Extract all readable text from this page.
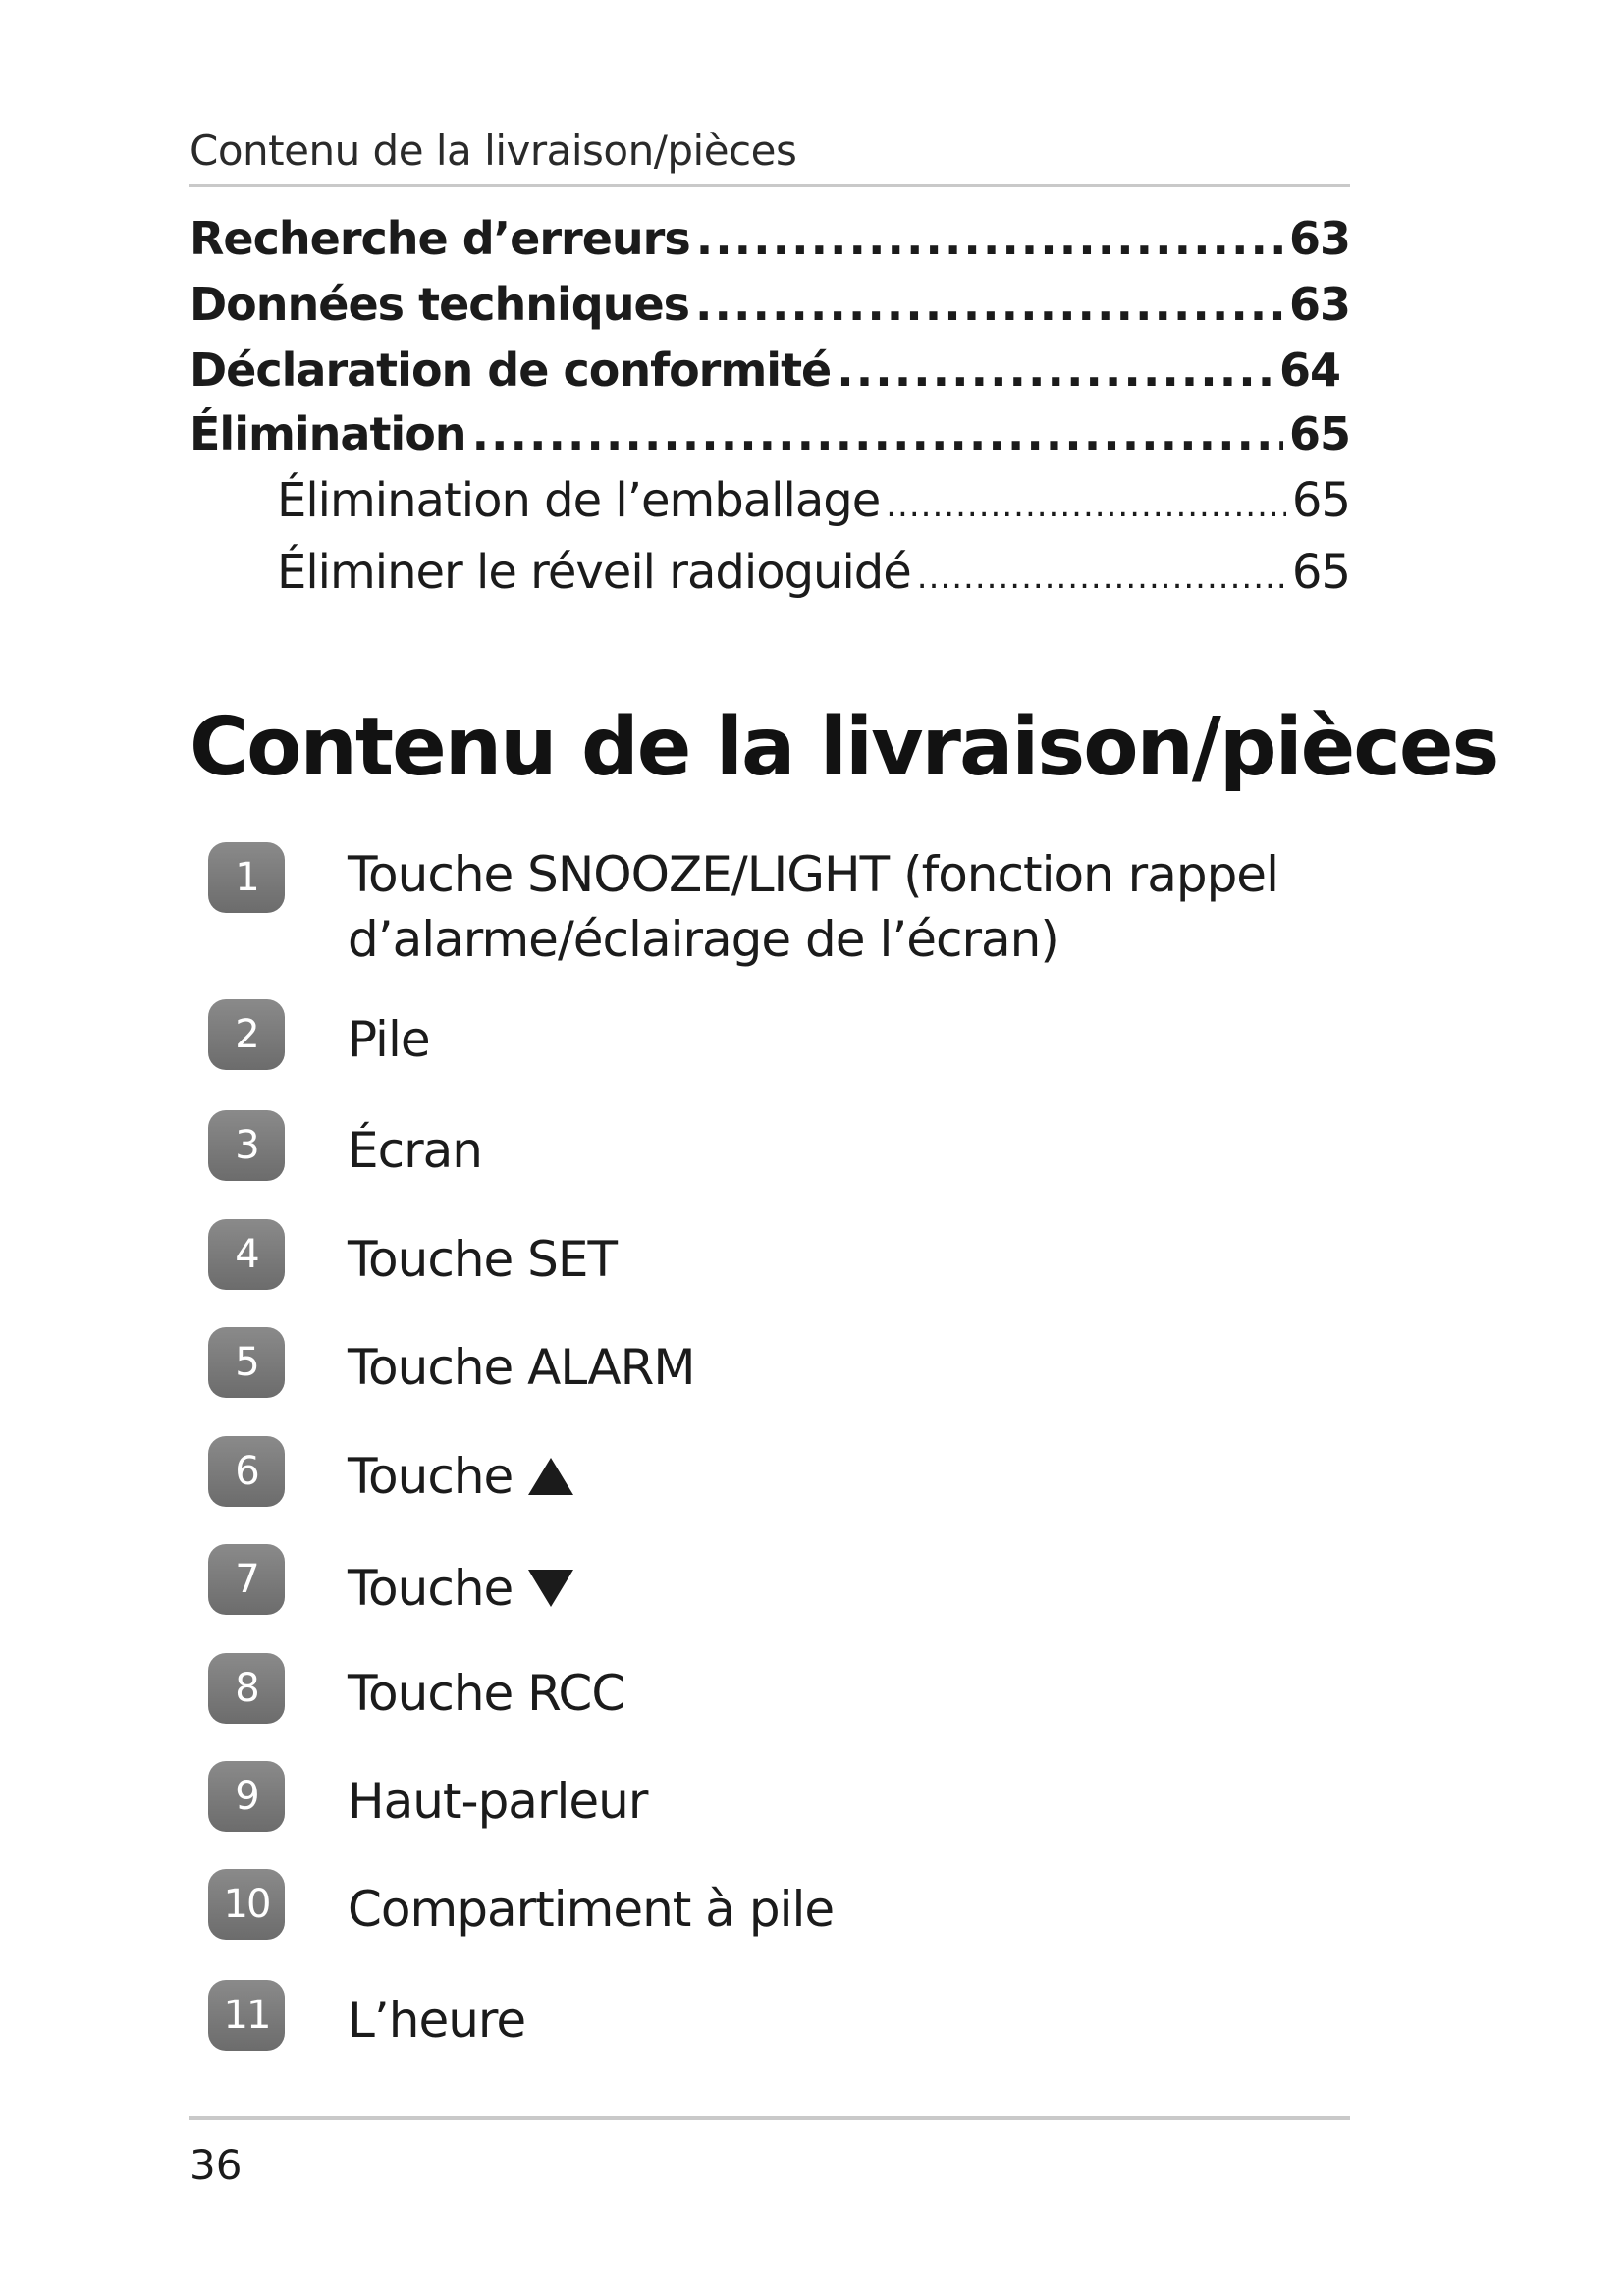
Contenu de la livraison/pièces
Recherche d’erreurs .....	63
Données techniques .....	63
Déclaration de conformité .....	64
Élimination .....	65
Élimination de l’emballage .....	65
Éliminer le réveil radioguidé .....	65
Contenu de la livraison/pièces
1	Touche SNOOZE/LIGHT (fonction rappel d’alarme/éclairage de l’écran)
2	Pile
3	Écran
4	Touche SET
5	Touche ALARM
6	Touche
7	Touche
8	Touche RCC
9	Haut-parleur
10	Compartiment à pile
11	L’heure
36
